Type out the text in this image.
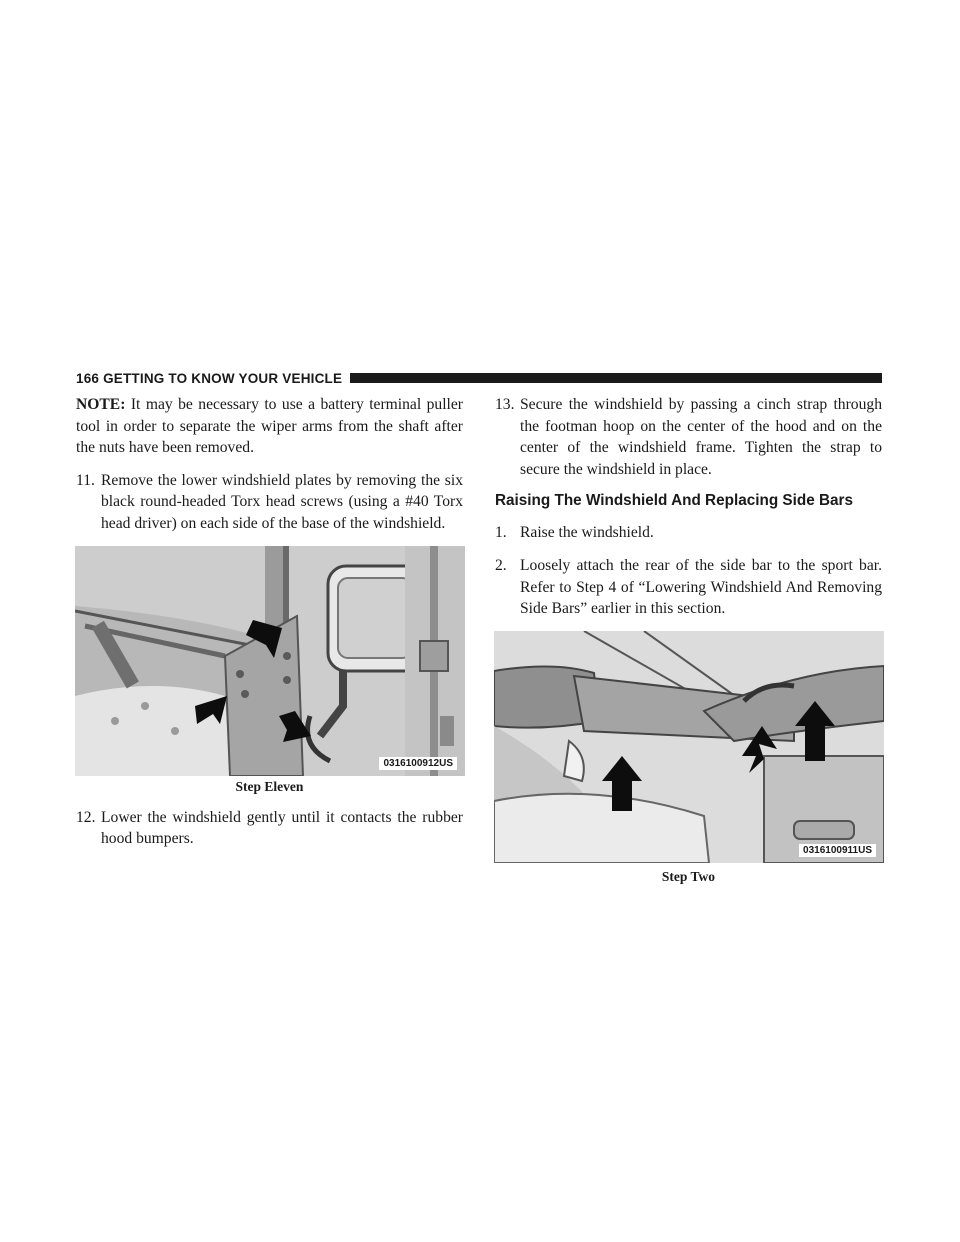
166 GETTING TO KNOW YOUR VEHICLE

NOTE: It may be necessary to use a battery terminal puller tool in order to separate the wiper arms from the shaft after the nuts have been removed.

11. Remove the lower windshield plates by removing the six black round-headed Torx head screws (using a #40 Torx head driver) on each side of the base of the windshield.
0316100912US
Step Eleven
12. Lower the windshield gently until it contacts the rubber hood bumpers.
13. Secure the windshield by passing a cinch strap through the footman hoop on the center of the hood and on the center of the windshield frame. Tighten the strap to secure the windshield in place.
Raising The Windshield And Replacing Side Bars
1. Raise the windshield.
2. Loosely attach the rear of the side bar to the sport bar. Refer to Step 4 of “Lowering Windshield And Removing Side Bars” earlier in this section.
0316100911US
Step Two
